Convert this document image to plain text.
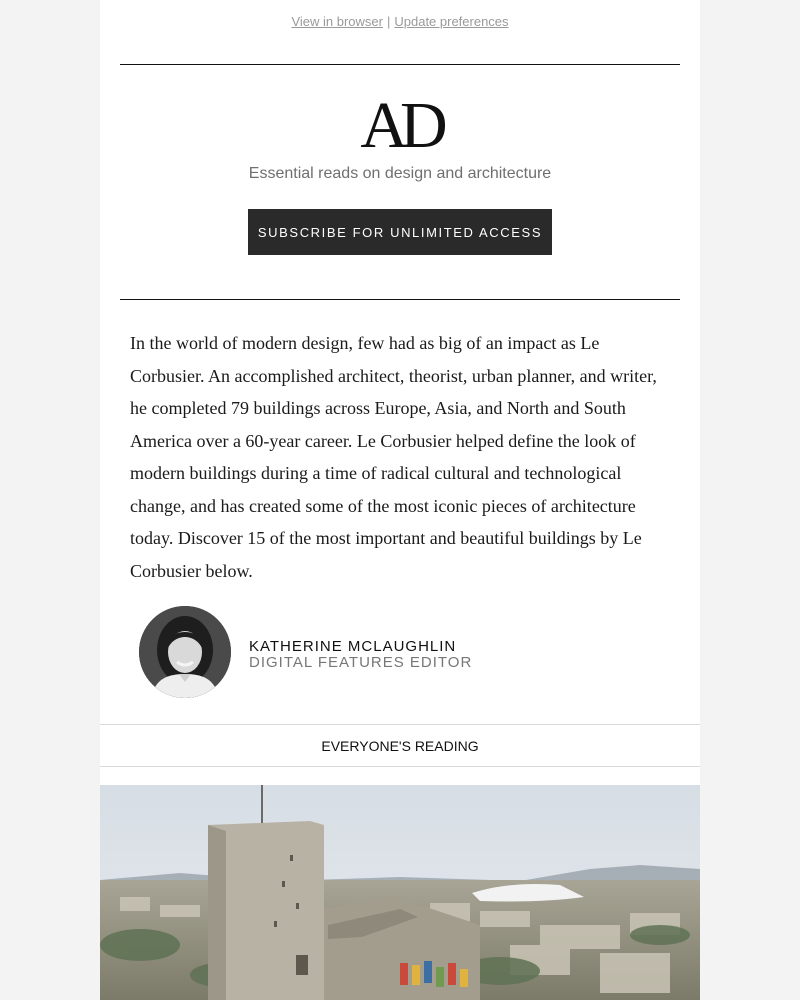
View in browser | Update preferences
AD
Essential reads on design and architecture
SUBSCRIBE FOR UNLIMITED ACCESS

In the world of modern design, few had as big of an impact as Le Corbusier. An accomplished architect, theorist, urban planner, and writer, he completed 79 buildings across Europe, Asia, and North and South America over a 60-year career. Le Corbusier helped define the look of modern buildings during a time of radical cultural and technological change, and has created some of the most iconic pieces of architecture today. Discover 15 of the most important and beautiful buildings by Le Corbusier below.

KATHERINE MCLAUGHLIN
DIGITAL FEATURES EDITOR
EVERYONE'S READING
